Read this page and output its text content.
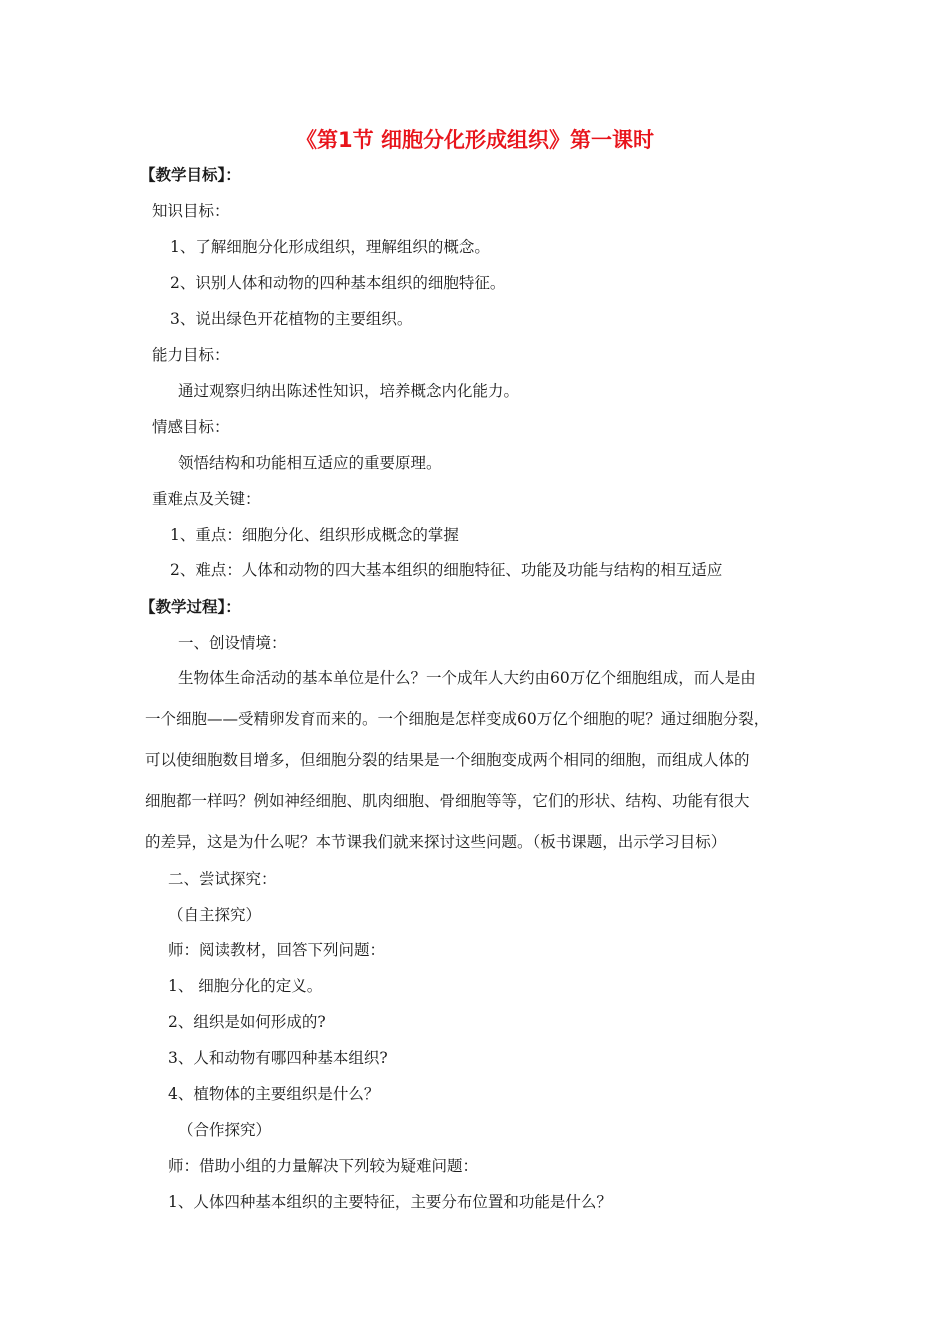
《第1节 细胞分化形成组织》第一课时
【教学目标】：
知识目标：
1、了解细胞分化形成组织，理解组织的概念。
2、识别人体和动物的四种基本组织的细胞特征。
3、说出绿色开花植物的主要组织。
能力目标：
通过观察归纳出陈述性知识，培养概念内化能力。
情感目标：
领悟结构和功能相互适应的重要原理。
重难点及关键：
1、重点：细胞分化、组织形成概念的掌握
2、难点：人体和动物的四大基本组织的细胞特征、功能及功能与结构的相互适应
【教学过程】：
一、创设情境：
生物体生命活动的基本单位是什么？一个成年人大约由60万亿个细胞组成，而人是由
一个细胞——受精卵发育而来的。一个细胞是怎样变成60万亿个细胞的呢？通过细胞分裂，
可以使细胞数目增多，但细胞分裂的结果是一个细胞变成两个相同的细胞，而组成人体的
细胞都一样吗？例如神经细胞、肌肉细胞、骨细胞等等，它们的形状、结构、功能有很大
的差异，这是为什么呢？本节课我们就来探讨这些问题。（板书课题，出示学习目标）
二、尝试探究：
（自主探究）
师：阅读教材，回答下列问题：
1、 细胞分化的定义。
2、组织是如何形成的?
3、人和动物有哪四种基本组织?
4、植物体的主要组织是什么？
（合作探究）
师：借助小组的力量解决下列较为疑难问题：
1、人体四种基本组织的主要特征，主要分布位置和功能是什么？
